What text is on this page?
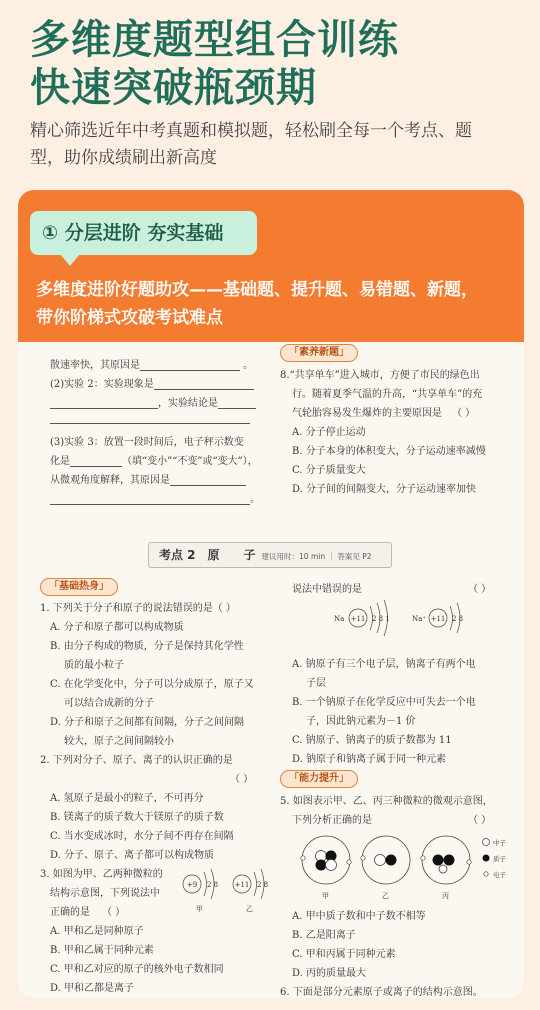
多维度题型组合训练
快速突破瓶颈期
精心筛选近年中考真题和模拟题，轻松刷全每一个考点、题
型，助你成绩刷出新高度
① 分层进阶 夯实基础
多维度进阶好题助攻——基础题、提升题、易错题、新题，
带你阶梯式攻破考试难点
散速率快，其原因是	。
(2)实验 2：实验现象是
，实验结论是
(3)实验 3：放置一段时间后，电子秤示数变
化是	（填“变小”“不变”或“变大”），
从微观角度解释，其原因是
。
「素养新题」
8.“共享单车”进入城市，方便了市民的绿色出
行。随着夏季气温的升高，“共享单车”的充
气轮胎容易发生爆炸的主要原因是 （ ）
A. 分子停止运动
B. 分子本身的体积变大，分子运动速率减慢
C. 分子质量变大
D. 分子间的间隔变大，分子运动速率加快
考点 2　原　　子 建议用时：10 min ｜ 答案见 P2
「基础热身」
1. 下列关于分子和原子的说法错误的是（ ）
A. 分子和原子都可以构成物质
B. 由分子构成的物质，分子是保持其化学性
质的最小粒子
C. 在化学变化中，分子可以分成原子，原子又
可以结合成新的分子
D. 分子和原子之间都有间隔，分子之间间隔
较大，原子之间间隔较小
2. 下列对分子、原子、离子的认识正确的是
（ ）
A. 氢原子是最小的粒子，不可再分
B. 镁离子的质子数大于镁原子的质子数
C. 当水变成冰时，水分子间不再存在间隔
D. 分子、原子、离子都可以构成物质
3. 如图为甲、乙两种微粒的
结构示意图，下列说法中
正确的是 （ ）
+9 2 8
甲
+11 2 8
乙
A. 甲和乙是同种原子
B. 甲和乙属于同种元素
C. 甲和乙对应的原子的核外电子数相同
D. 甲和乙都是离子
说法中错误的是	（ ）
Na +11 2 8 1	Na⁺ +11 2 8
A. 钠原子有三个电子层，钠离子有两个电
子层
B. 一个钠原子在化学反应中可失去一个电
子，因此钠元素为－1 价
C. 钠原子、钠离子的质子数都为 11
D. 钠原子和钠离子属于同一种元素
「能力提升」
5. 如图表示甲、乙、丙三种微粒的微观示意图，
下列分析正确的是	（ ）
甲	乙	丙
中子
质子
电子
A. 甲中质子数和中子数不相等
B. 乙是阳离子
C. 甲和丙属于同种元素
D. 丙的质量最大
6. 下面是部分元素原子或离子的结构示意图。
